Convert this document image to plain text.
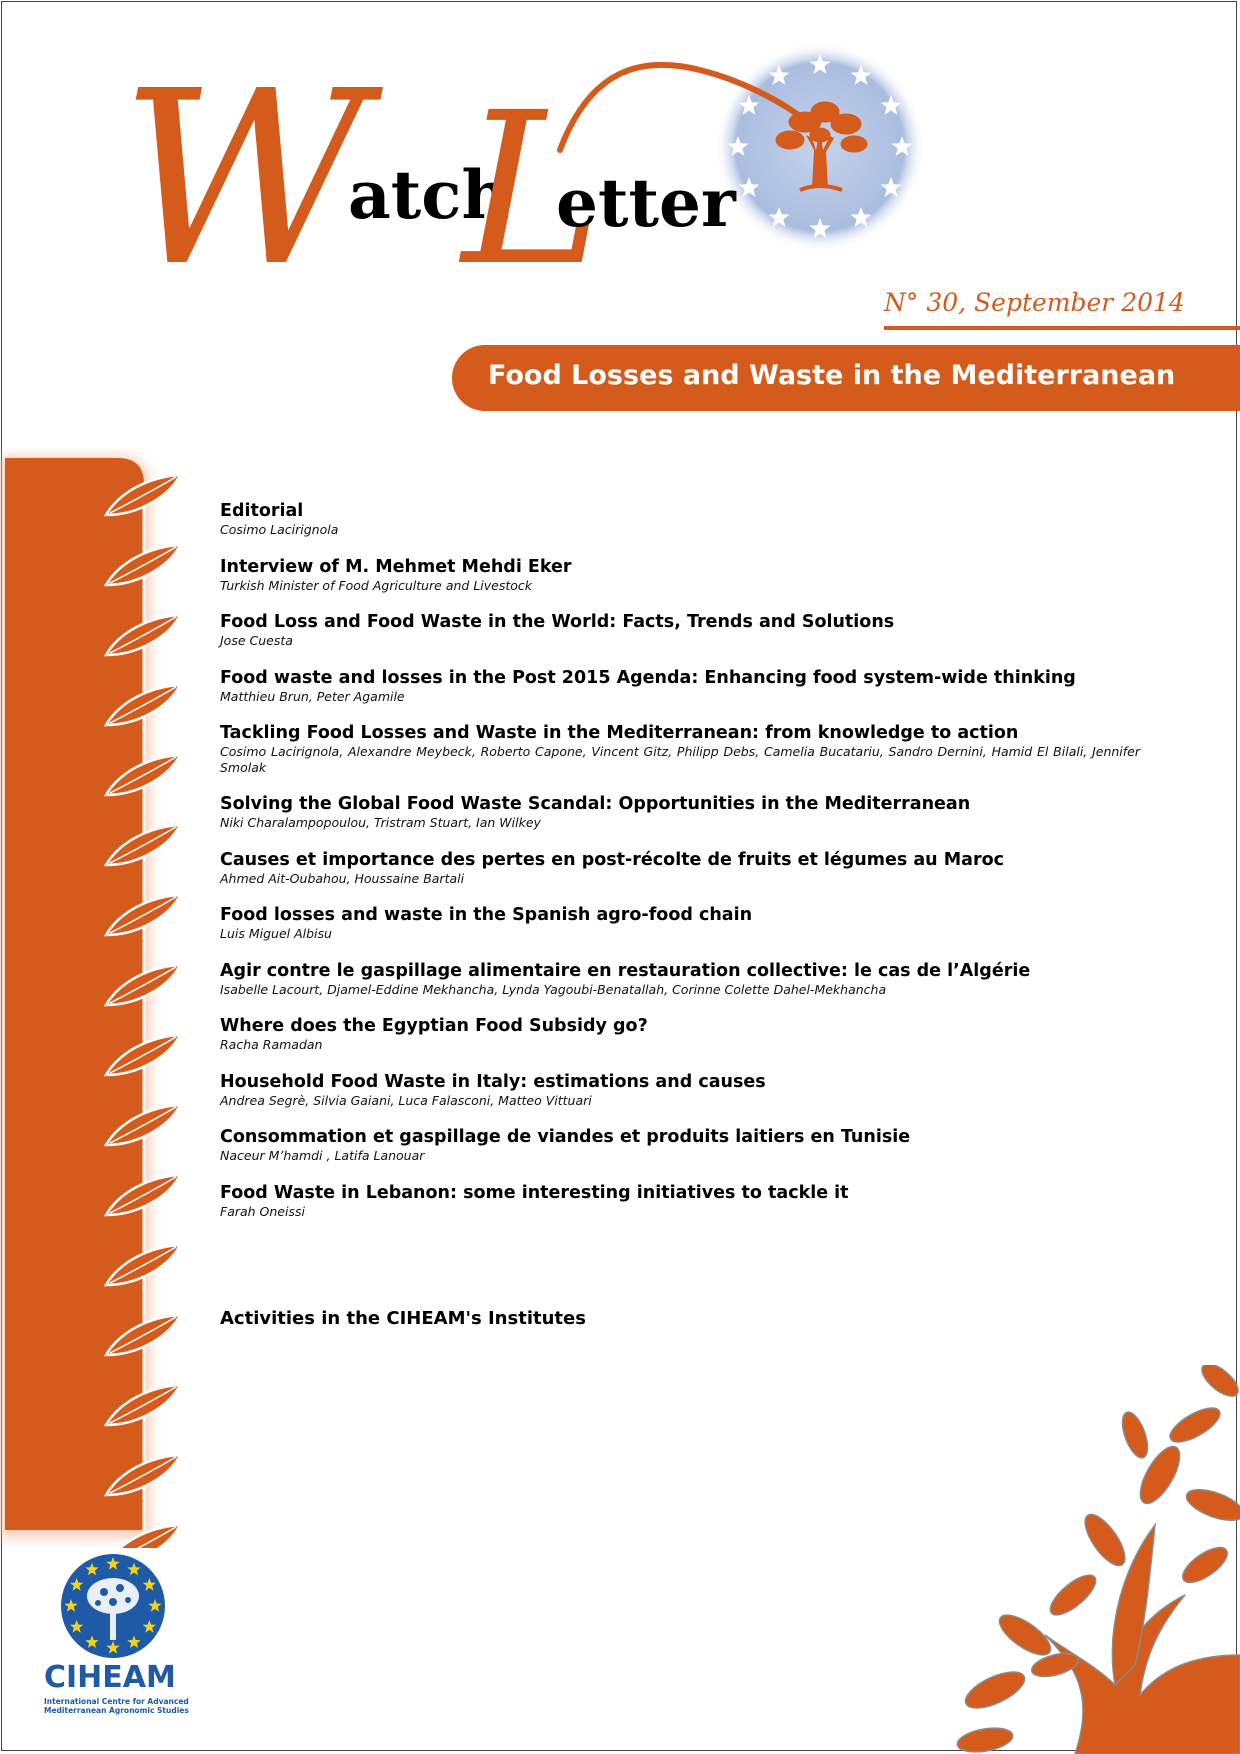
W
atch
L
etter
N° 30, September 2014
Food Losses and Waste in the Mediterranean
Editorial
Cosimo Lacirignola
Interview of M. Mehmet Mehdi Eker
Turkish Minister of Food Agriculture and Livestock
Food Loss and Food Waste in the World: Facts, Trends and Solutions
Jose Cuesta
Food waste and losses in the Post 2015 Agenda: Enhancing food system-wide thinking
Matthieu Brun, Peter Agamile
Tackling Food Losses and Waste in the Mediterranean: from knowledge to action
Cosimo Lacirignola, Alexandre Meybeck, Roberto Capone, Vincent Gitz, Philipp Debs, Camelia Bucatariu, Sandro Dernini, Hamid El Bilali, Jennifer Smolak
Solving the Global Food Waste Scandal: Opportunities in the Mediterranean
Niki Charalampopoulou, Tristram Stuart, Ian Wilkey
Causes et importance des pertes en post-récolte de fruits et légumes au Maroc
Ahmed Ait-Oubahou, Houssaine Bartali
Food losses and waste in the Spanish agro-food chain
Luis Miguel Albisu
Agir contre le gaspillage alimentaire en restauration collective: le cas de l’Algérie
Isabelle Lacourt, Djamel-Eddine Mekhancha, Lynda Yagoubi-Benatallah, Corinne Colette Dahel-Mekhancha
Where does the Egyptian Food Subsidy go?
Racha Ramadan
Household Food Waste in Italy: estimations and causes
Andrea Segrè, Silvia Gaiani, Luca Falasconi, Matteo Vittuari
Consommation et gaspillage de viandes et produits laitiers en Tunisie
Naceur M’hamdi , Latifa Lanouar
Food Waste in Lebanon: some interesting initiatives to tackle it
Farah Oneissi
Activities in the CIHEAM's Institutes
CIHEAM
International Centre for Advanced Mediterranean Agronomic Studies
